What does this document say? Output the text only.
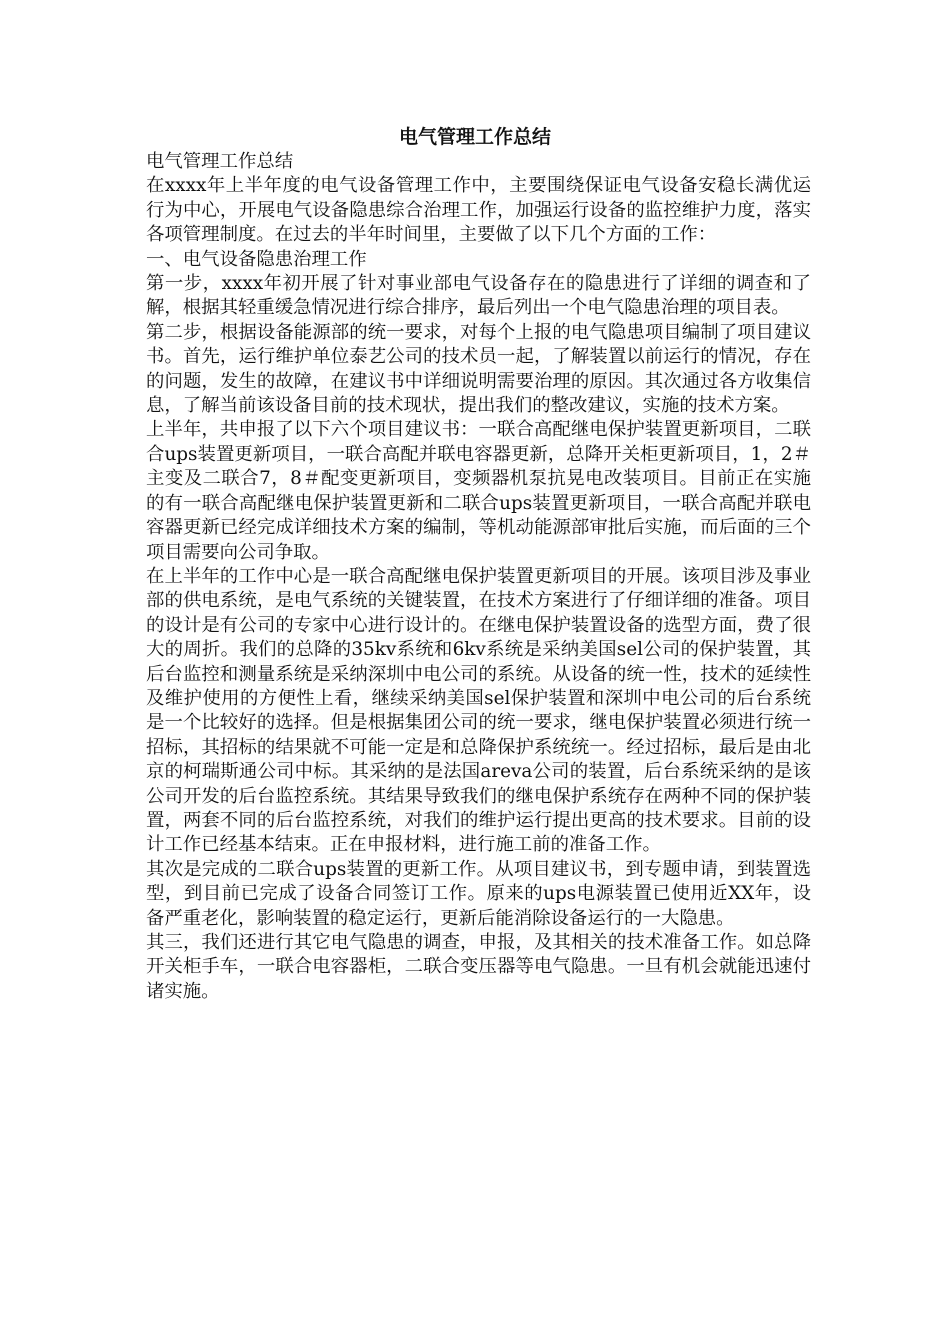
电气管理工作总结

电气管理工作总结

在xxxx年上半年度的电气设备管理工作中，主要围绕保证电气设备安稳长满优运行为中心，开展电气设备隐患综合治理工作，加强运行设备的监控维护力度，落实各项管理制度。在过去的半年时间里，主要做了以下几个方面的工作：

一、电气设备隐患治理工作

第一步，xxxx年初开展了针对事业部电气设备存在的隐患进行了详细的调查和了解，根据其轻重缓急情况进行综合排序，最后列出一个电气隐患治理的项目表。

第二步，根据设备能源部的统一要求，对每个上报的电气隐患项目编制了项目建议书。首先，运行维护单位泰艺公司的技术员一起，了解装置以前运行的情况，存在的问题，发生的故障，在建议书中详细说明需要治理的原因。其次通过各方收集信息，了解当前该设备目前的技术现状，提出我们的整改建议，实施的技术方案。

上半年，共申报了以下六个项目建议书：一联合高配继电保护装置更新项目，二联合ups装置更新项目，一联合高配并联电容器更新，总降开关柜更新项目，1，2＃主变及二联合7，8＃配变更新项目，变频器机泵抗晃电改装项目。目前正在实施的有一联合高配继电保护装置更新和二联合ups装置更新项目，一联合高配并联电容器更新已经完成详细技术方案的编制，等机动能源部审批后实施，而后面的三个项目需要向公司争取。

在上半年的工作中心是一联合高配继电保护装置更新项目的开展。该项目涉及事业部的供电系统，是电气系统的关键装置，在技术方案进行了仔细详细的准备。项目的设计是有公司的专家中心进行设计的。在继电保护装置设备的选型方面，费了很大的周折。我们的总降的35kv系统和6kv系统是采纳美国sel公司的保护装置，其后台监控和测量系统是采纳深圳中电公司的系统。从设备的统一性，技术的延续性及维护使用的方便性上看，继续采纳美国sel保护装置和深圳中电公司的后台系统是一个比较好的选择。但是根据集团公司的统一要求，继电保护装置必须进行统一招标，其招标的结果就不可能一定是和总降保护系统统一。经过招标，最后是由北京的柯瑞斯通公司中标。其采纳的是法国areva公司的装置，后台系统采纳的是该公司开发的后台监控系统。其结果导致我们的继电保护系统存在两种不同的保护装置，两套不同的后台监控系统，对我们的维护运行提出更高的技术要求。目前的设计工作已经基本结束。正在申报材料，进行施工前的准备工作。

其次是完成的二联合ups装置的更新工作。从项目建议书，到专题申请，到装置选型，到目前已完成了设备合同签订工作。原来的ups电源装置已使用近XX年，设备严重老化，影响装置的稳定运行，更新后能消除设备运行的一大隐患。

其三，我们还进行其它电气隐患的调查，申报，及其相关的技术准备工作。如总降开关柜手车，一联合电容器柜，二联合变压器等电气隐患。一旦有机会就能迅速付诸实施。
